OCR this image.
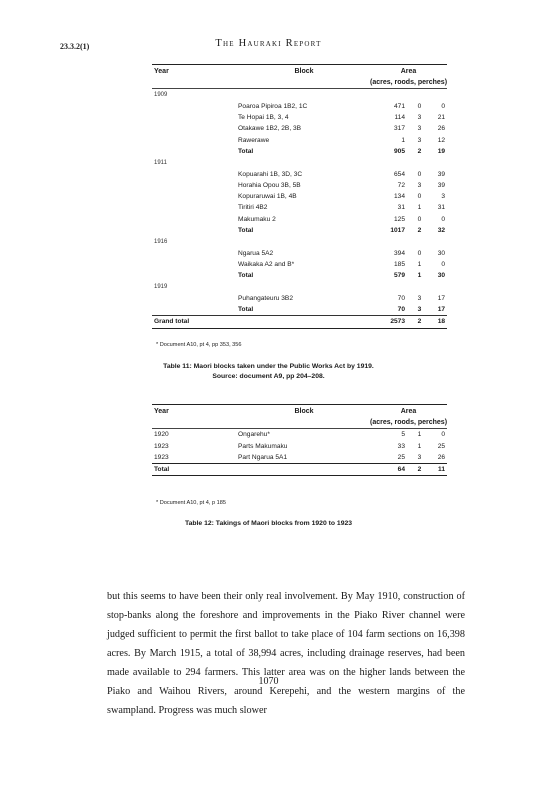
23.3.2(1)	The Hauraki Report
Year	Block	Area		
		(acres, roods, perches)		
1909				
	Poaroa Pipiroa 1B2, 1C	471	0	0
	Te Hopai 1B, 3, 4	114	3	21
	Otakawe 1B2, 2B, 3B	317	3	26
	Rawerawe	1	3	12
	Total	905	2	19
1911				
	Kopuarahi 1B, 3D, 3C	654	0	39
	Horahia Opou 3B, 5B	72	3	39
	Kopuraruwai 1B, 4B	134	0	3
	Tiritiri 4B2	31	1	31
	Makumaku 2	125	0	0
	Total	1017	2	32
1916				
	Ngarua 5A2	394	0	30
	Waikaka A2 and B*	185	1	0
	Total	579	1	30
1919				
	Puhangateuru 3B2	70	3	17
	Total	70	3	17
Grand total		2573	2	18
* Document A10, pt 4, pp 353, 356
Table 11: Maori blocks taken under the Public Works Act by 1919.
Source: document A9, pp 204–208.
Year	Block	Area		
		(acres, roods, perches)		
1920	Ongarehu*	5	1	0
1923	Parts Makumaku	33	1	25
1923	Part Ngarua 5A1	25	3	26
Total		64	2	11
* Document A10, pt 4, p 185
Table 12: Takings of Maori blocks from 1920 to 1923

but this seems to have been their only real involvement. By May 1910, construction of stop-banks along the foreshore and improvements in the Piako River channel were judged sufficient to permit the first ballot to take place of 104 farm sections on 16,398 acres. By March 1915, a total of 38,994 acres, including drainage reserves, had been made available to 294 farmers. This latter area was on the higher lands between the Piako and Waihou Rivers, around Kerepehi, and the western margins of the swampland. Progress was much slower

1070
